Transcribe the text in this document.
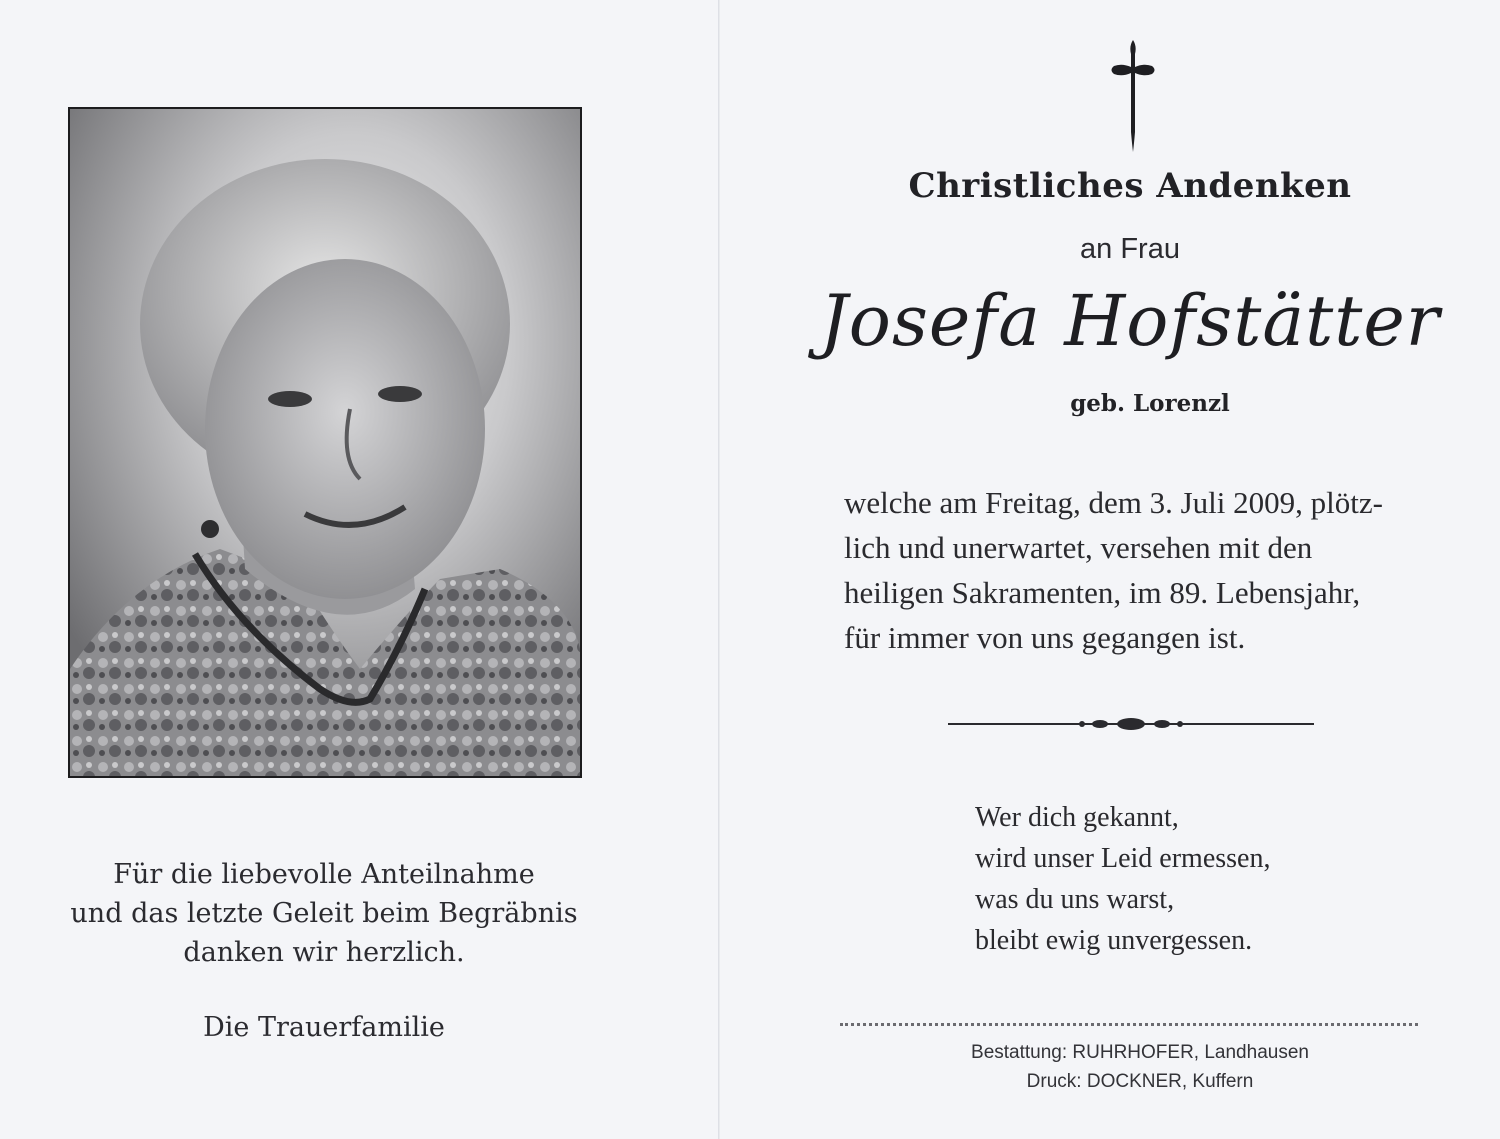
Für die liebevolle Anteilnahme
und das letzte Geleit beim Begräbnis
danken wir herzlich.
Die Trauerfamilie
Christliches Andenken
an Frau
Josefa Hofstätter
geb. Lorenzl
welche am Freitag, dem 3. Juli 2009, plötz-
lich und unerwartet, versehen mit den
heiligen Sakramenten, im 89. Lebensjahr,
für immer von uns gegangen ist.
Wer dich gekannt,
wird unser Leid ermessen,
was du uns warst,
bleibt ewig unvergessen.
Bestattung: RUHRHOFER, Landhausen
Druck: DOCKNER, Kuffern
